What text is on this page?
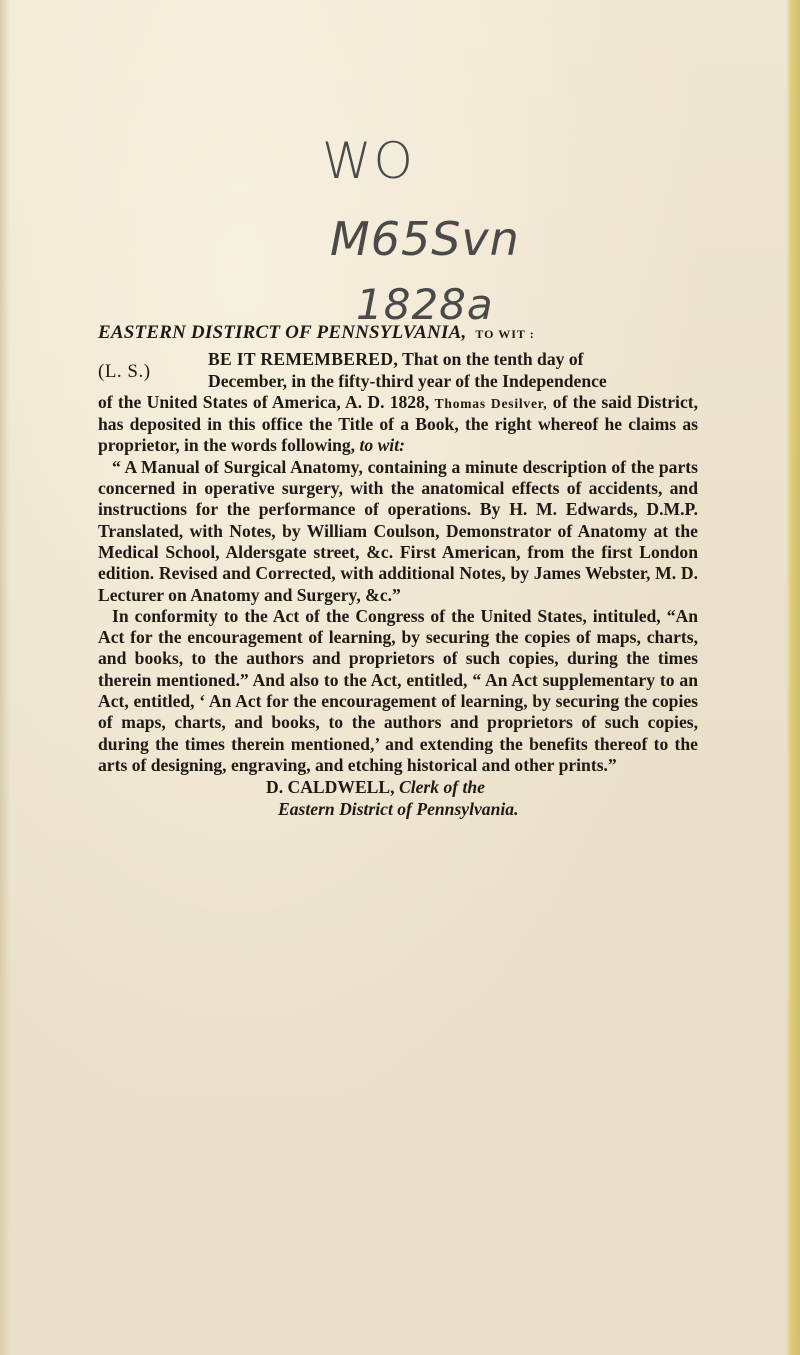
WO
M65Svn
1828a
EASTERN DISTIRCT OF PENNSYLVANIA, TO WIT :
(L. S.)

BE IT REMEMBERED, That on the tenth day of

December, in the fifty-third year of the Independence

of the United States of America, A. D. 1828, Thomas Desilver, of the said District, has deposited in this office the Title of a Book, the right whereof he claims as proprietor, in the words following, to wit:

“ A Manual of Surgical Anatomy, containing a minute description of the parts concerned in operative surgery, with the anatomical effects of accidents, and instructions for the performance of operations. By H. M. Edwards, D.M.P. Translated, with Notes, by William Coulson, Demonstrator of Anatomy at the Medical School, Aldersgate street, &c. First American, from the first London edition. Revised and Corrected, with additional Notes, by James Webster, M. D. Lecturer on Anatomy and Surgery, &c.”

In conformity to the Act of the Congress of the United States, intituled, “An Act for the encouragement of learning, by securing the copies of maps, charts, and books, to the authors and proprietors of such copies, during the times therein mentioned.” And also to the Act, entitled, “ An Act supplementary to an Act, entitled, ‘ An Act for the encouragement of learning, by securing the copies of maps, charts, and books, to the authors and proprietors of such copies, during the times therein mentioned,’ and extending the benefits thereof to the arts of designing, engraving, and etching historical and other prints.”

D. CALDWELL, Clerk of the
Eastern District of Pennsylvania.
